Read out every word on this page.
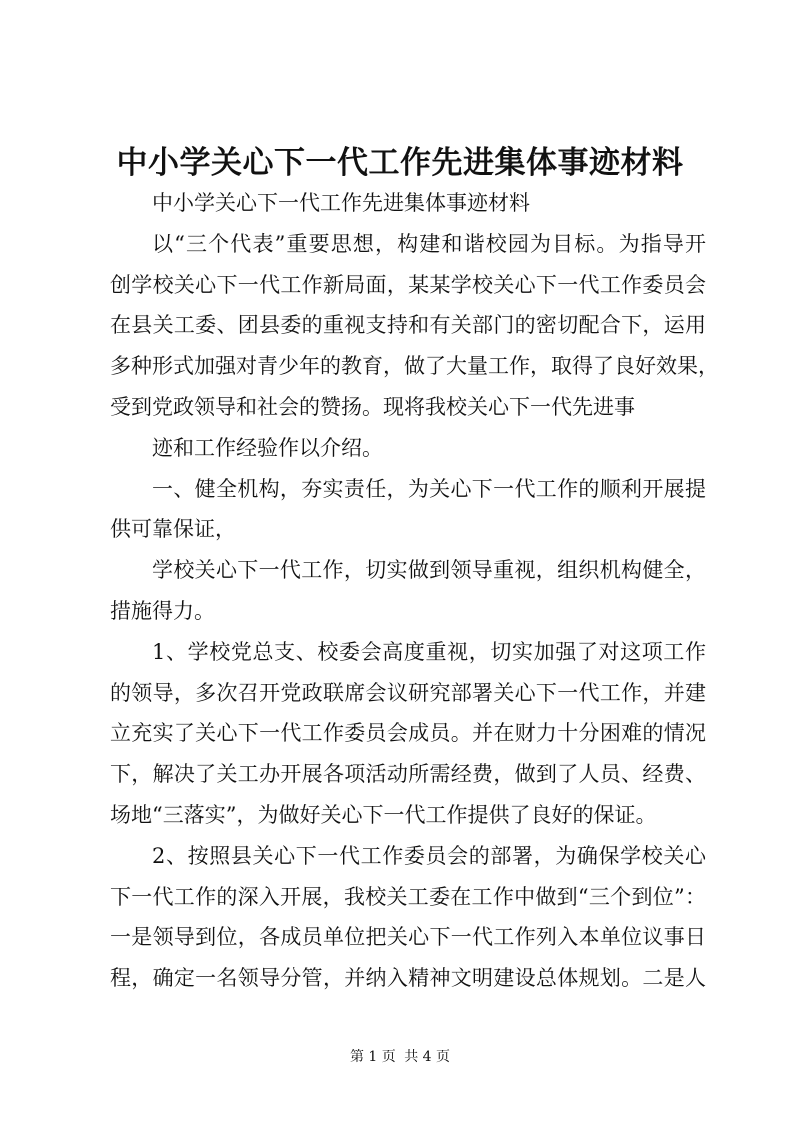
中小学关心下一代工作先进集体事迹材料
中小学关心下一代工作先进集体事迹材料
以“三个代表”重要思想，构建和谐校园为目标。为指导开
创学校关心下一代工作新局面，某某学校关心下一代工作委员会
在县关工委、团县委的重视支持和有关部门的密切配合下，运用
多种形式加强对青少年的教育，做了大量工作，取得了良好效果，
受到党政领导和社会的赞扬。现将我校关心下一代先进事
迹和工作经验作以介绍。
一、健全机构，夯实责任，为关心下一代工作的顺利开展提
供可靠保证，
学校关心下一代工作，切实做到领导重视，组织机构健全，
措施得力。
1、学校党总支、校委会高度重视，切实加强了对这项工作
的领导，多次召开党政联席会议研究部署关心下一代工作，并建
立充实了关心下一代工作委员会成员。并在财力十分困难的情况
下，解决了关工办开展各项活动所需经费，做到了人员、经费、
场地“三落实”，为做好关心下一代工作提供了良好的保证。
2、按照县关心下一代工作委员会的部署，为确保学校关心
下一代工作的深入开展，我校关工委在工作中做到“三个到位”：
一是领导到位，各成员单位把关心下一代工作列入本单位议事日
程，确定一名领导分管，并纳入精神文明建设总体规划。二是人
第 1 页 共 4 页
